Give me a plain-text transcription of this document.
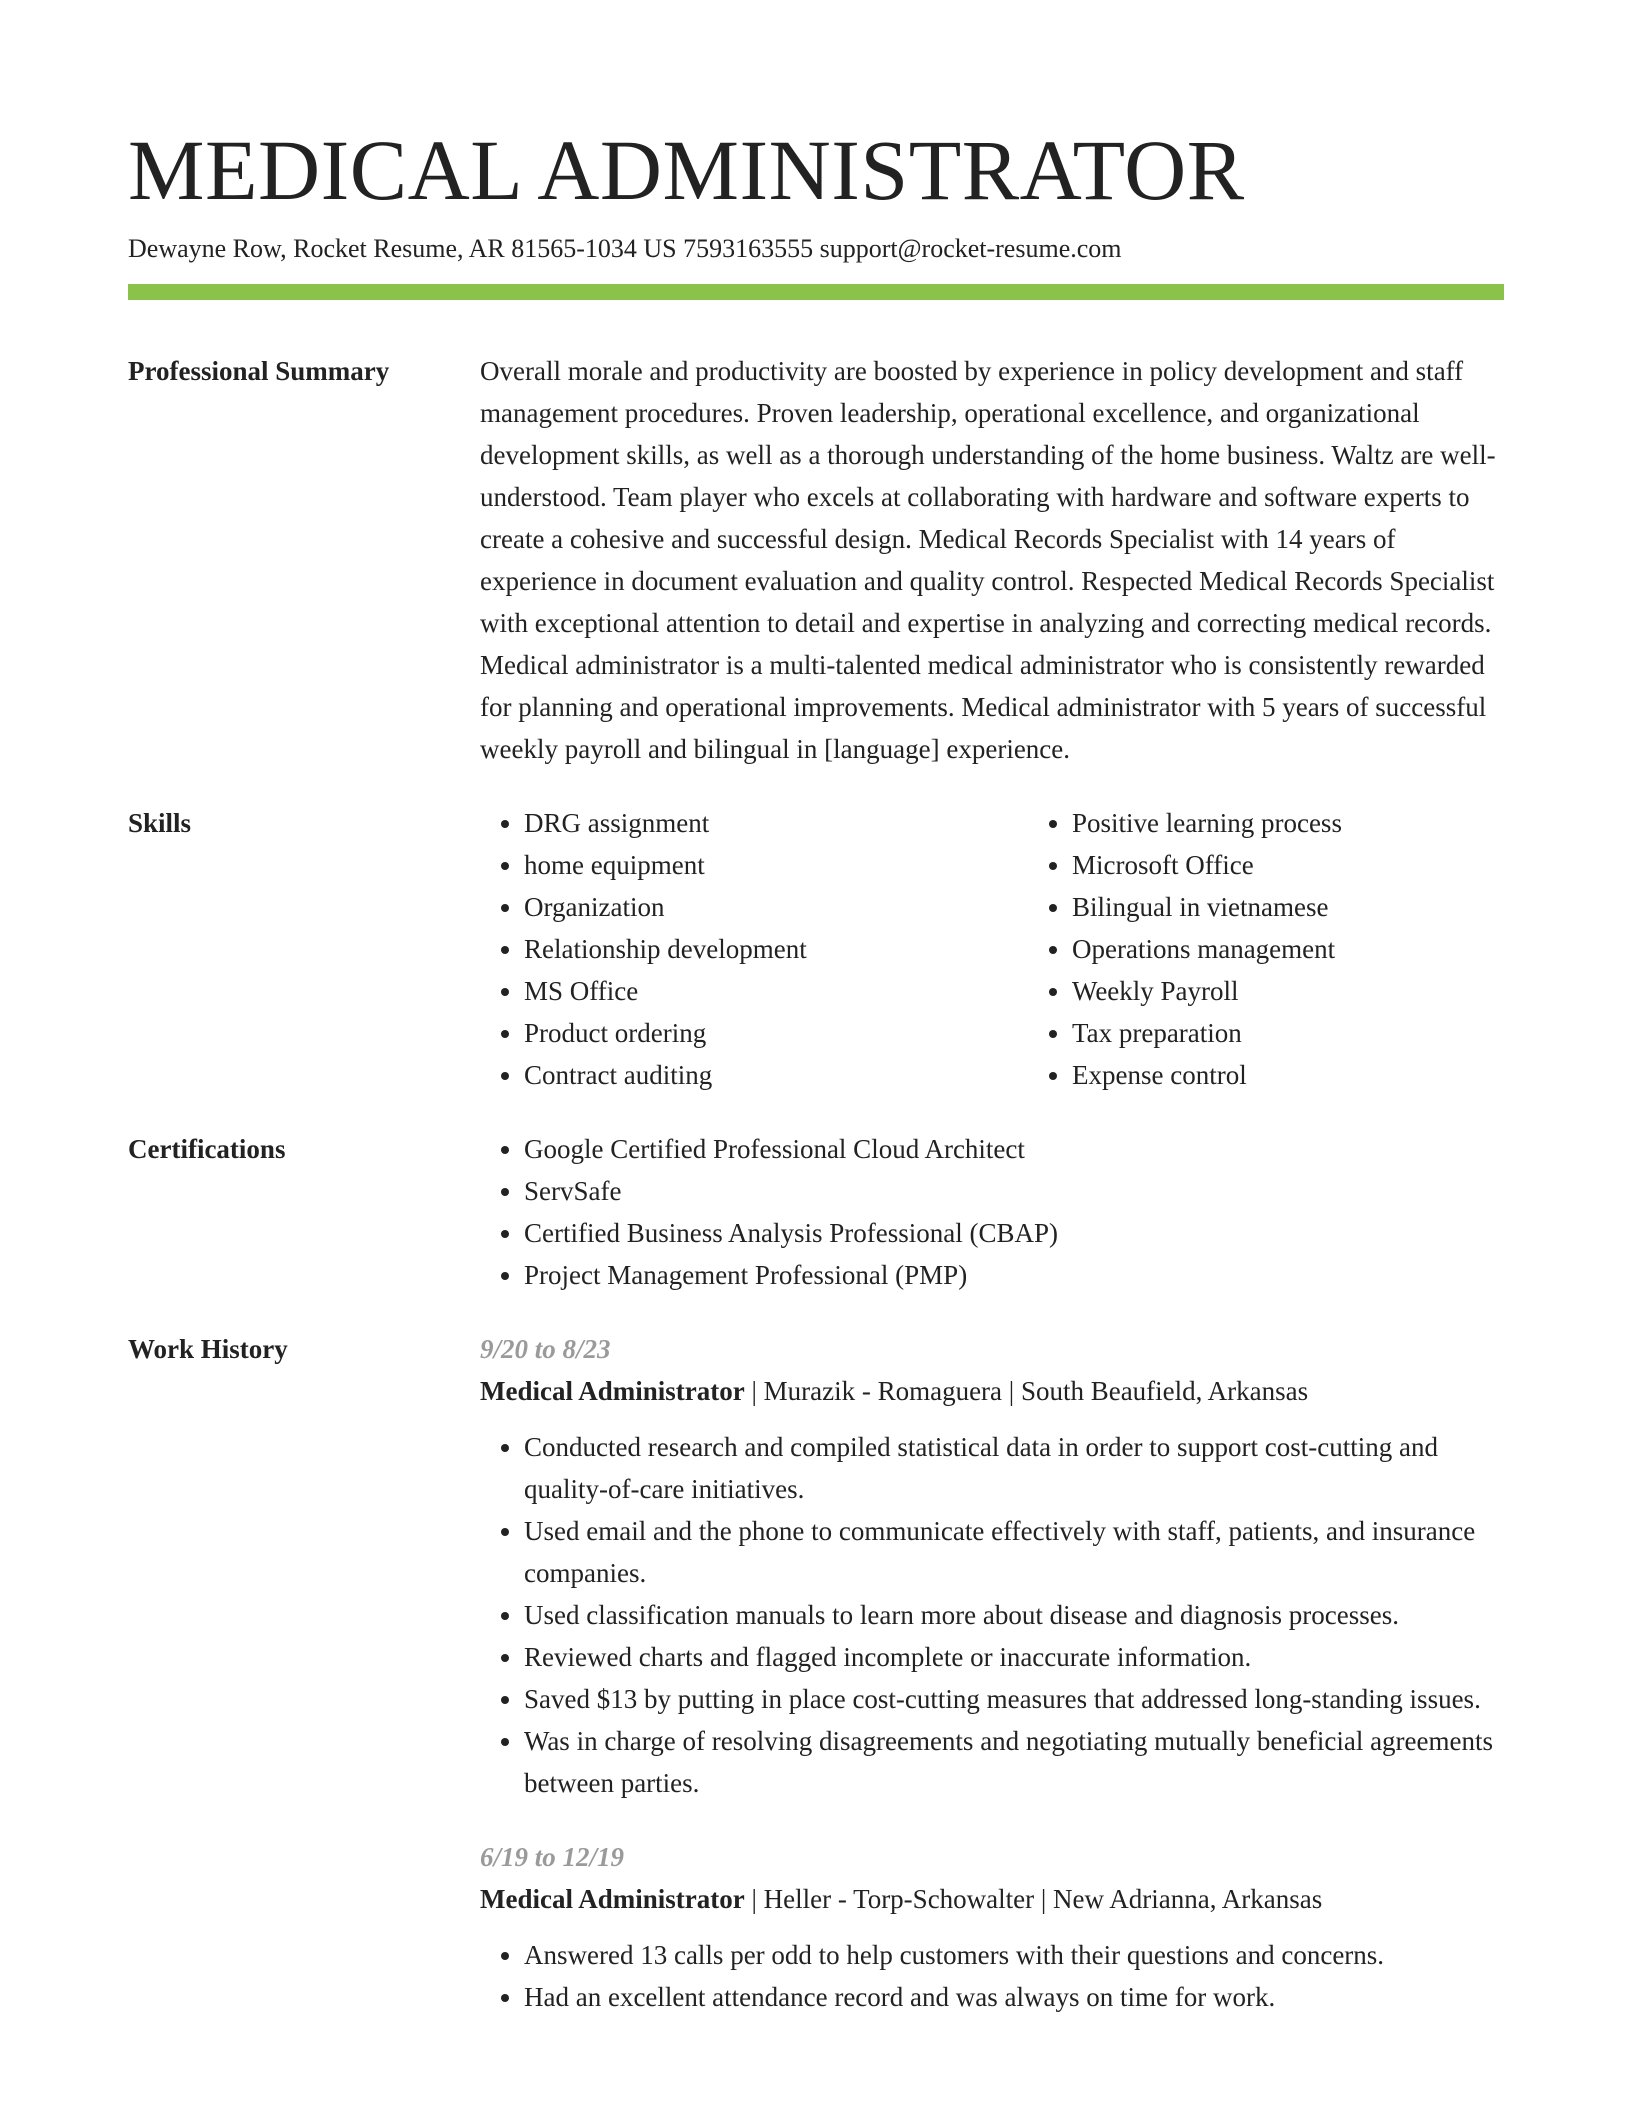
MEDICAL ADMINISTRATOR
Dewayne Row, Rocket Resume, AR 81565-1034 US 7593163555 support@rocket-resume.com
Professional Summary	Overall morale and productivity are boosted by experience in policy development and staff management procedures. Proven leadership, operational excellence, and organizational development skills, as well as a thorough understanding of the home business. Waltz are well-understood. Team player who excels at collaborating with hardware and software experts to create a cohesive and successful design. Medical Records Specialist with 14 years of experience in document evaluation and quality control. Respected Medical Records Specialist with exceptional attention to detail and expertise in analyzing and correcting medical records. Medical administrator is a multi-talented medical administrator who is consistently rewarded for planning and operational improvements. Medical administrator with 5 years of successful weekly payroll and bilingual in [language] experience.
Skills	• DRG assignment
• home equipment
• Organization
• Relationship development
• MS Office
• Product ordering
• Contract auditing
• Positive learning process
• Microsoft Office
• Bilingual in vietnamese
• Operations management
• Weekly Payroll
• Tax preparation
• Expense control
Certifications	• Google Certified Professional Cloud Architect
• ServSafe
• Certified Business Analysis Professional (CBAP)
• Project Management Professional (PMP)
Work History	9/20 to 8/23
Medical Administrator | Murazik - Romaguera | South Beaufield, Arkansas
• Conducted research and compiled statistical data in order to support cost-cutting and quality-of-care initiatives.
• Used email and the phone to communicate effectively with staff, patients, and insurance companies.
• Used classification manuals to learn more about disease and diagnosis processes.
• Reviewed charts and flagged incomplete or inaccurate information.
• Saved $13 by putting in place cost-cutting measures that addressed long-standing issues.
• Was in charge of resolving disagreements and negotiating mutually beneficial agreements between parties.
6/19 to 12/19
Medical Administrator | Heller - Torp-Schowalter | New Adrianna, Arkansas
• Answered 13 calls per odd to help customers with their questions and concerns.
• Had an excellent attendance record and was always on time for work.
